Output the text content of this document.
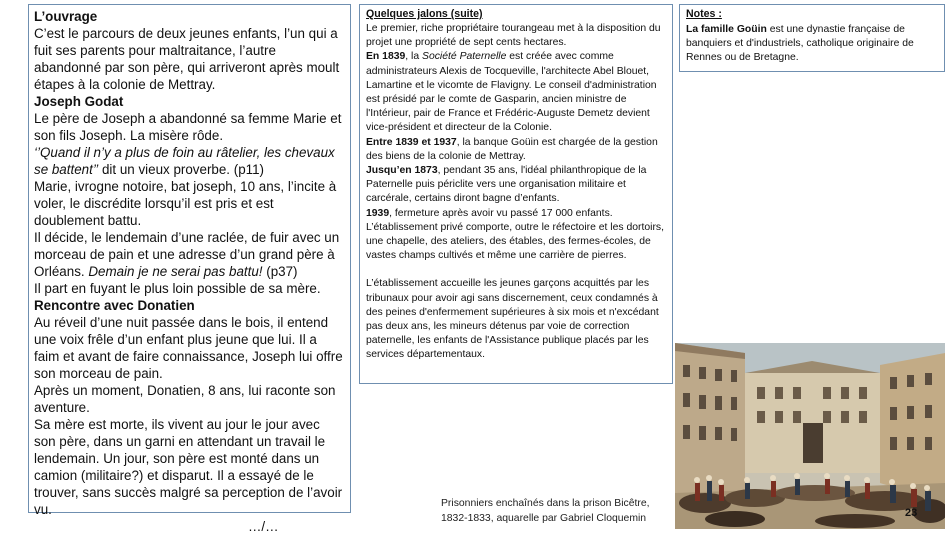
L’ouvrage
C’est le parcours de deux jeunes enfants, l’un qui a fuit ses parents pour maltraitance, l’autre abandonné par son père, qui arriveront après moult étapes à la colonie de Mettray.
Joseph Godat
Le père de Joseph a abandonné sa femme Marie et son fils Joseph. La misère rôde.
‘’Quand il n’y a plus de foin au râtelier, les chevaux se battent’’ dit un vieux proverbe. (p11)
Marie, ivrogne notoire, bat joseph, 10 ans, l’incite à voler, le discrédite lorsqu’il est pris et est doublement battu.
Il décide, le lendemain d’une raclée, de fuir avec un morceau de pain et une adresse d’un grand père à Orléans. Demain je ne serai pas battu! (p37)
Il part en fuyant le plus loin possible de sa mère.
Rencontre avec Donatien
Au réveil d’une nuit passée dans le bois, il entend une voix frêle d’un enfant plus jeune que lui. Il a faim et avant de faire connaissance, Joseph lui offre son morceau de pain.
Après un moment, Donatien, 8 ans, lui raconte son aventure.
Sa mère est morte, ils vivent au jour le jour avec son père, dans un garni en attendant un travail le lendemain. Un jour, son père est monté dans un camion (militaire?) et disparut. Il a essayé de le trouver, sans succès malgré sa perception de l’avoir vu.

…/…

Quelques jalons (suite)

Le premier, riche propriétaire tourangeau met à la disposition du projet une propriété de sept cents hectares.
En 1839, la Société Paternelle est créée avec comme administrateurs Alexis de Tocqueville, l'architecte Abel Blouet, Lamartine et le vicomte de Flavigny. Le conseil d'administration est présidé par le comte de Gasparin, ancien ministre de l'Intérieur, pair de France et Frédéric-Auguste Demetz devient vice-président et directeur de la Colonie.
Entre 1839 et 1937, la banque Goüin est chargée de la gestion des biens de la colonie de Mettray.
Jusqu’en 1873, pendant 35 ans, l'idéal philanthropique de la Paternelle puis périclite vers une organisation militaire et carcérale, certains diront bagne d’enfants.
1939, fermeture après avoir vu passé 17 000 enfants.
L’établissement privé comporte, outre le réfectoire et les dortoirs, une chapelle, des ateliers, des étables, des fermes-écoles, de vastes champs cultivés et même une carrière de pierres.

L’établissement accueille les jeunes garçons acquittés par les tribunaux pour avoir agi sans discernement, ceux condamnés à des peines d'enfermement supérieures à six mois et n'excédant pas deux ans, les mineurs détenus par voie de correction paternelle, les enfants de l'Assistance publique placés par les services départementaux.

Notes :

La famille Goüin est une dynastie française de banquiers et d'industriels, catholique originaire de Rennes ou de Bretagne.

Prisonniers enchaînés dans la prison Bicêtre, 1832-1833, aquarelle par Gabriel Cloquemin	23
